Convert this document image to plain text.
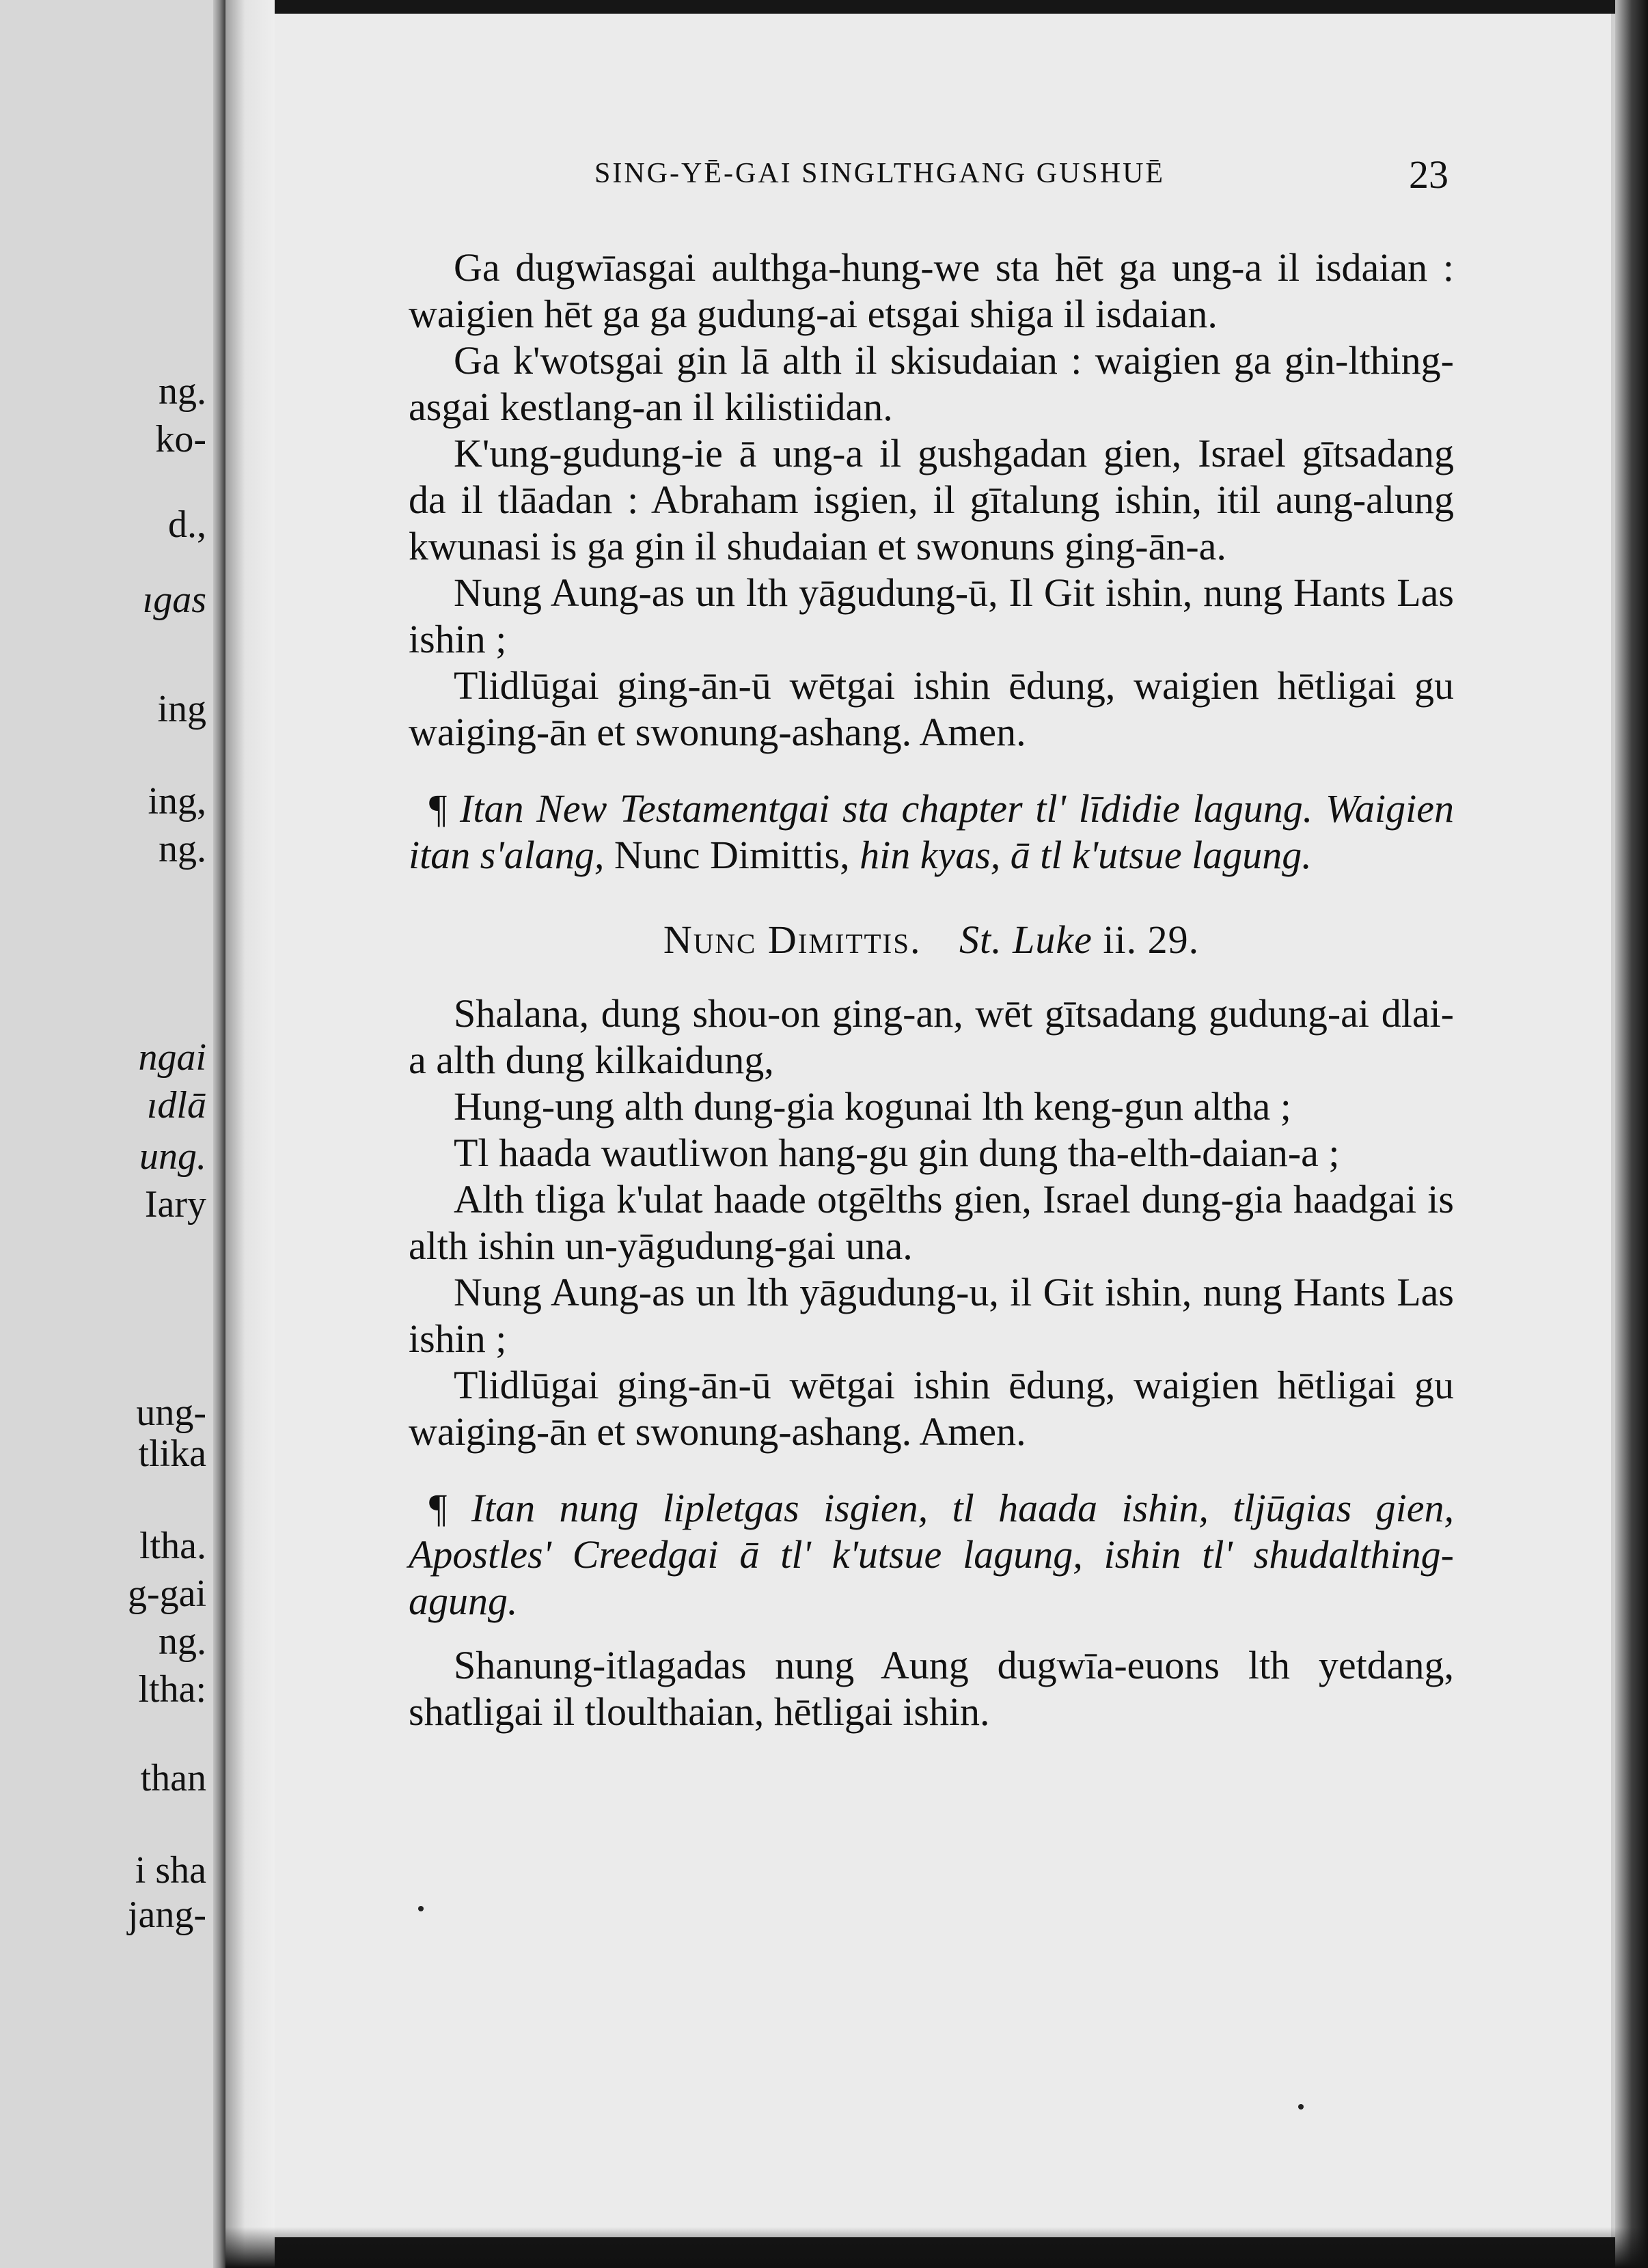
ng.
ko-
d.,
ıgas
ing
ing,
ng.
ngai
ıdlā
ung.
Iary
ung-
tlika
ltha.
g-gai
ng.
ltha:
than
i sha
jang-
SING-YĒ-GAI SINGLTHGANG GUSHUĒ	23

Ga dugwīasgai ault​hga-hung-we sta hēt ga ung-a il isdaian : waigien hēt ga ga gudung-ai etsgai shiga il isdaian.

Ga k'wotsgai gin lā alth il skisudaian : waigien ga gin-lthing-asgai kestlang-an il kilistiidan.

K'ung-gudung-ie ā ung-a il gushgadan gien, Israel gītsadang da il tlāadan : Abraham isgien, il gītalung ishin, itil aung-alung kwunasi is ga gin il shudaian et swonuns ging-ān-a.

Nung Aung-as un lth yāgudung-ū, Il Git ishin, nung Hants Las ishin ;

Tlidlūgai ging-ān-ū wētgai ishin ēdung, waigien hētligai gu waiging-ān et swonung-ashang. Amen.

¶ Itan New Testamentgai sta chapter tl' līdidie lagung. Waigien itan s'alang, Nunc Dimittis, hin kyas, ā tl k'utsue lagung.

Nunc Dimittis. St. Luke ii. 29.

Shalana, dung shou-on ging-an, wēt gītsadang gudung-ai dlai-a alth dung kilkaidung,

Hung-ung alth dung-gia kogunai lth keng-gun altha ;

Tl haada wautliwon hang-gu gin dung tha-elth-daian-a ;

Alth tliga k'ulat haade otgēlths gien, Israel dung-gia haadgai is alth ishin un-yāgudung-gai una.

Nung Aung-as un lth yāgudung-u, il Git ishin, nung Hants Las ishin ;

Tlidlūgai ging-ān-ū wētgai ishin ēdung, waigien hētligai gu waiging-ān et swonung-ashang. Amen.

¶ Itan nung lipletgas isgien, tl haada ishin, tljūgias gien, Apostles' Creedgai ā tl' k'utsue lagung, ishin tl' shudalthing-agung.

Shanung-itlagadas nung Aung dugwīa-euons lth yetdang, shatligai il tloulthaian, hētligai ishin.
